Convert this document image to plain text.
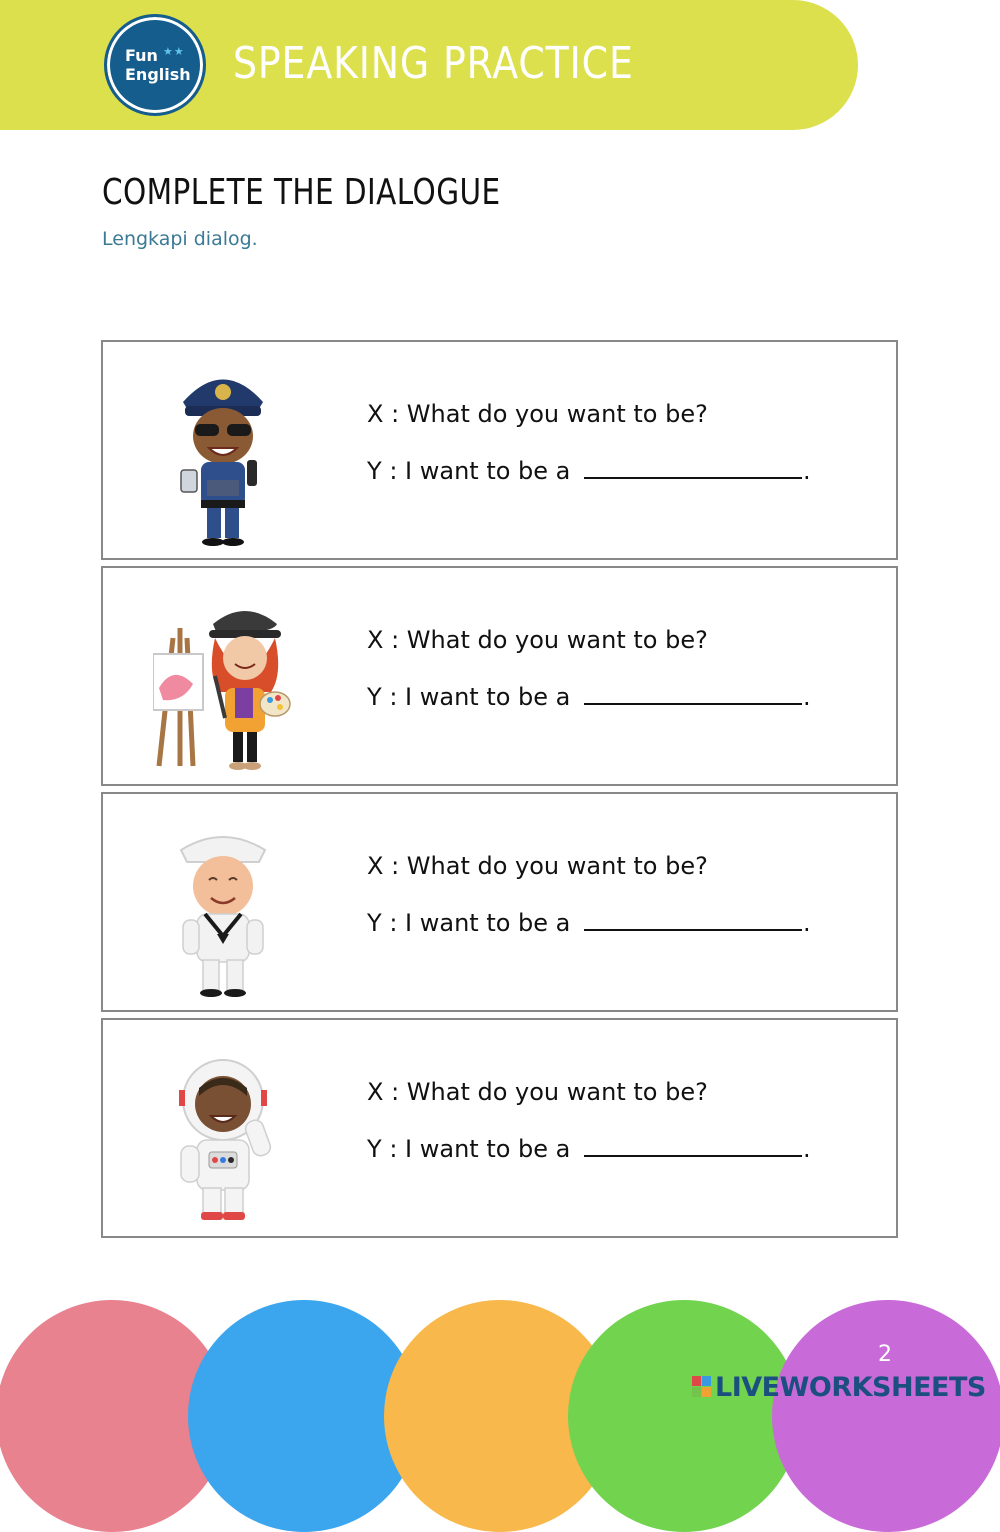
Fun ★★
English SPEAKING PRACTICE
COMPLETE THE DIALOGUE
Lengkapi dialog.
X : What do you want to be?
Y : I want to be a	.
X : What do you want to be?
Y : I want to be a	.
X : What do you want to be?
Y : I want to be a	.
X : What do you want to be?
Y : I want to be a	.
2
LIVEWORKSHEETS
